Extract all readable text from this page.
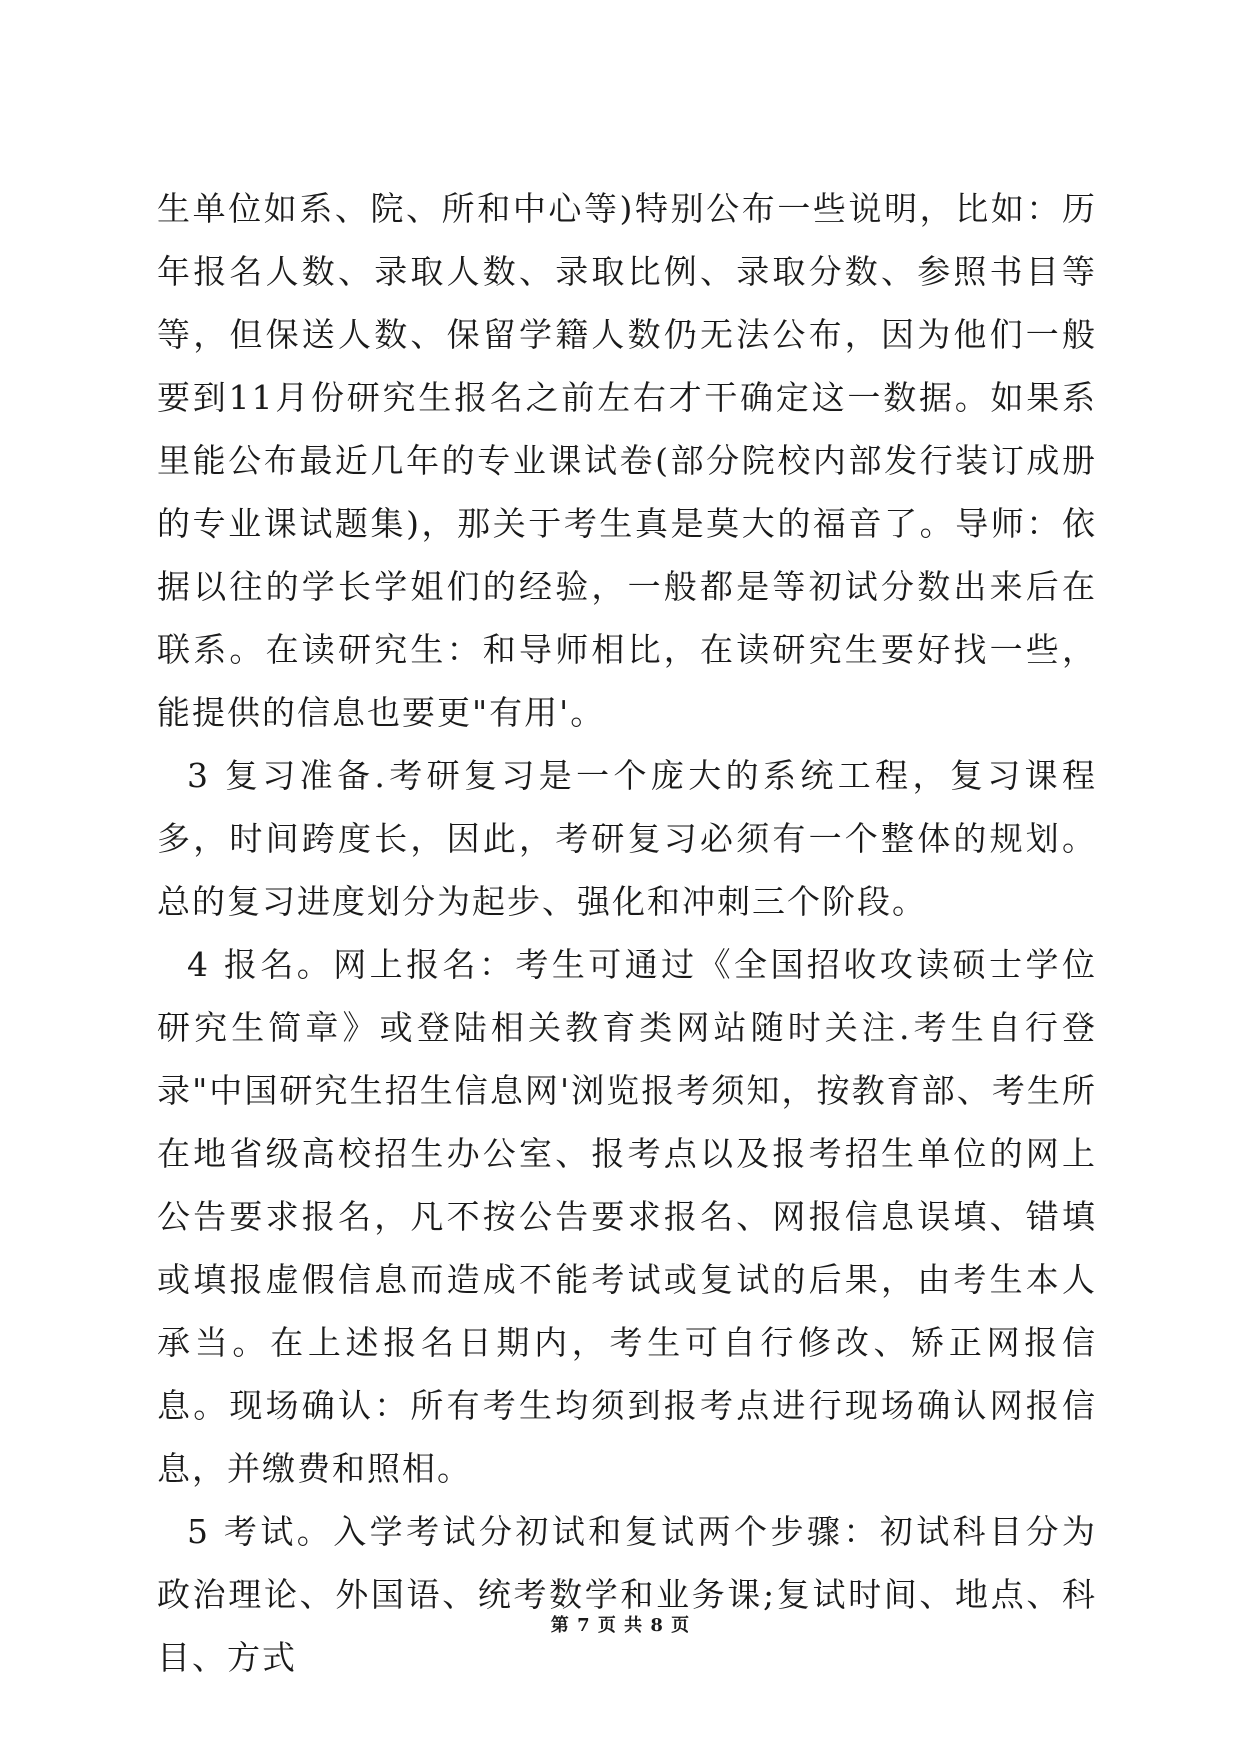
生单位如系、院、所和中心等)特别公布一些说明，比如：历年报名人数、录取人数、录取比例、录取分数、参照书目等等，但保送人数、保留学籍人数仍无法公布，因为他们一般要到11月份研究生报名之前左右才干确定这一数据。如果系里能公布最近几年的专业课试卷(部分院校内部发行装订成册的专业课试题集)，那关于考生真是莫大的福音了。导师：依据以往的学长学姐们的经验，一般都是等初试分数出来后在联系。在读研究生：和导师相比，在读研究生要好找一些，能提供的信息也要更"有用'。

3 复习准备.考研复习是一个庞大的系统工程，复习课程多，时间跨度长，因此，考研复习必须有一个整体的规划。总的复习进度划分为起步、强化和冲刺三个阶段。

4 报名。网上报名：考生可通过《全国招收攻读硕士学位研究生简章》或登陆相关教育类网站随时关注.考生自行登录"中国研究生招生信息网'浏览报考须知，按教育部、考生所在地省级高校招生办公室、报考点以及报考招生单位的网上公告要求报名，凡不按公告要求报名、网报信息误填、错填或填报虚假信息而造成不能考试或复试的后果，由考生本人承当。在上述报名日期内，考生可自行修改、矫正网报信息。现场确认：所有考生均须到报考点进行现场确认网报信息，并缴费和照相。

5 考试。入学考试分初试和复试两个步骤：初试科目分为政治理论、外国语、统考数学和业务课;复试时间、地点、科目、方式

第 7 页 共 8 页
